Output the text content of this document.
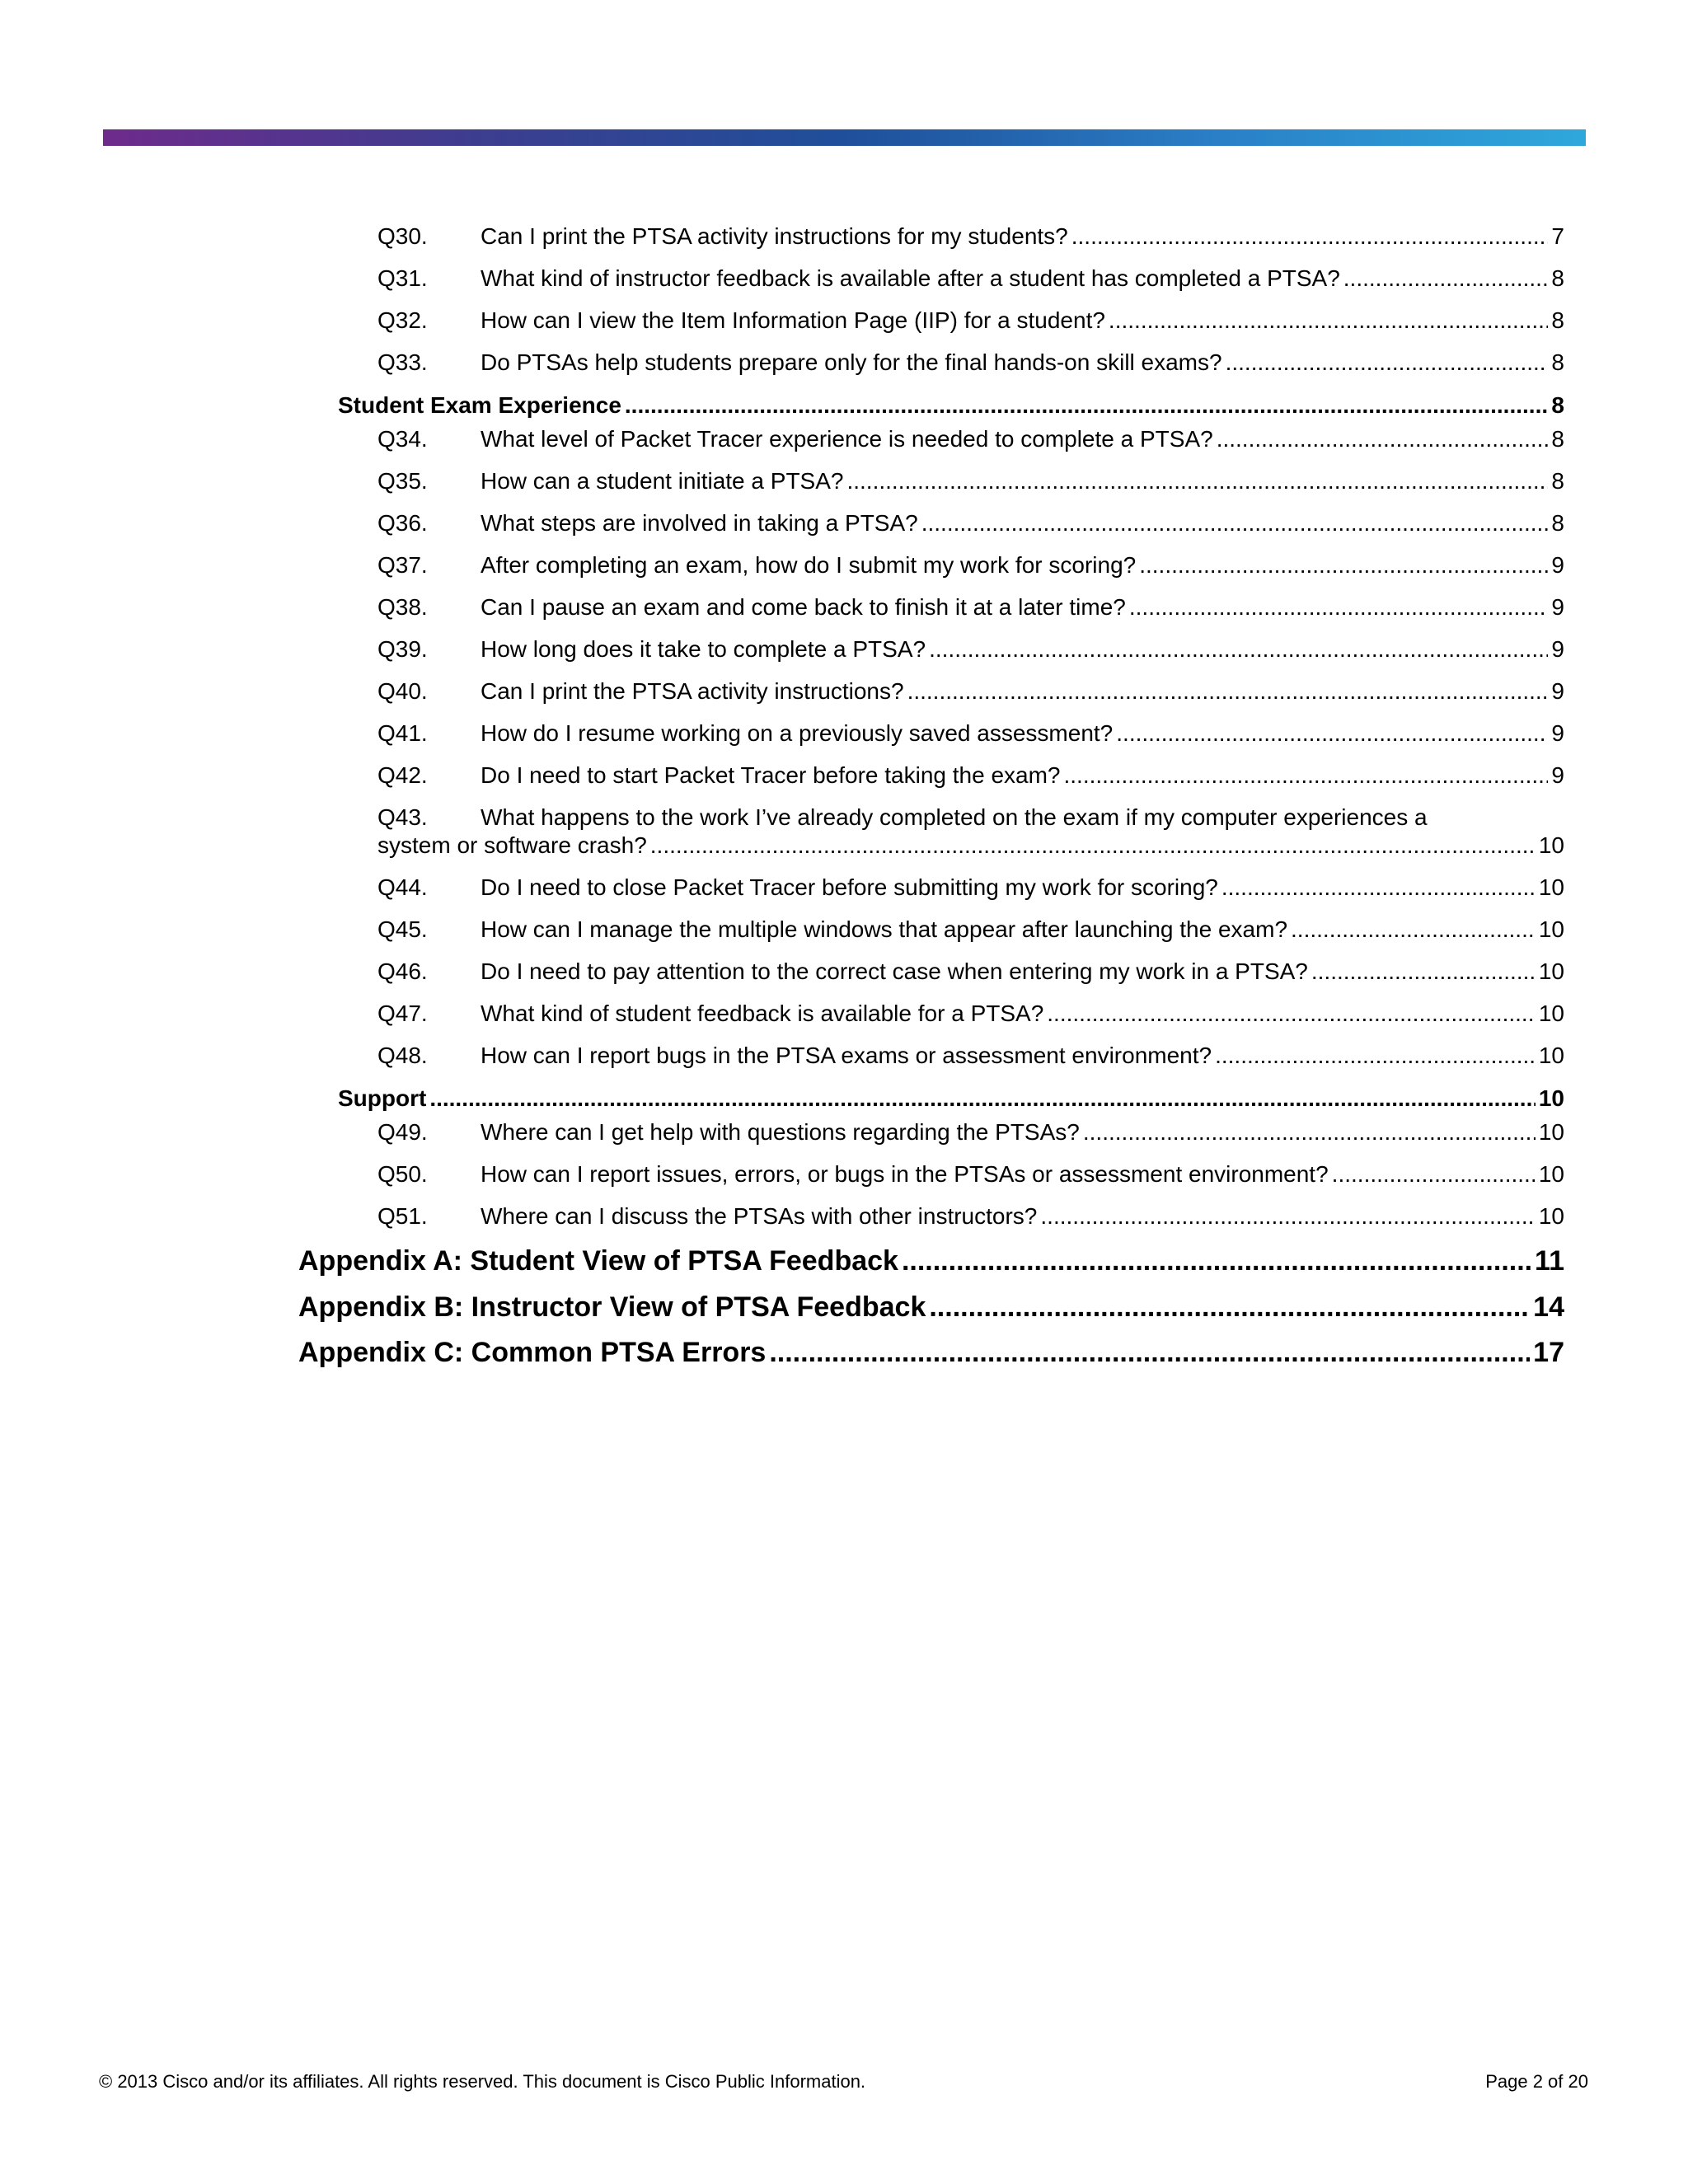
Q30.	Can I print the PTSA activity instructions for my students? .....	7
Q31.	What kind of instructor feedback is available after a student has completed a PTSA? .....	8
Q32.	How can I view the Item Information Page (IIP) for a student? .....	8
Q33.	Do PTSAs help students prepare only for the final hands-on skill exams? .....	8
Student Exam Experience .....	8
Q34.	What level of Packet Tracer experience is needed to complete a PTSA? .....	8
Q35.	How can a student initiate a PTSA? .....	8
Q36.	What steps are involved in taking a PTSA? .....	8
Q37.	After completing an exam, how do I submit my work for scoring? .....	9
Q38.	Can I pause an exam and come back to finish it at a later time? .....	9
Q39.	How long does it take to complete a PTSA? .....	9
Q40.	Can I print the PTSA activity instructions? .....	9
Q41.	How do I resume working on a previously saved assessment? .....	9
Q42.	Do I need to start Packet Tracer before taking the exam? .....	9
Q43. What happens to the work I’ve already completed on the exam if my computer experiences a
system or software crash? .....	10
Q44.	Do I need to close Packet Tracer before submitting my work for scoring? .....	10
Q45.	How can I manage the multiple windows that appear after launching the exam? .....	10
Q46.	Do I need to pay attention to the correct case when entering my work in a PTSA? .....	10
Q47.	What kind of student feedback is available for a PTSA? .....	10
Q48.	How can I report bugs in the PTSA exams or assessment environment? .....	10
Support .....	10
Q49.	Where can I get help with questions regarding the PTSAs? .....	10
Q50.	How can I report issues, errors, or bugs in the PTSAs or assessment environment? .....	10
Q51.	Where can I discuss the PTSAs with other instructors? .....	10
Appendix A: Student View of PTSA Feedback .....	11
Appendix B: Instructor View of PTSA Feedback .....	14
Appendix C: Common PTSA Errors .....	17
© 2013 Cisco and/or its affiliates. All rights reserved. This document is Cisco Public Information.	Page 2 of 20
